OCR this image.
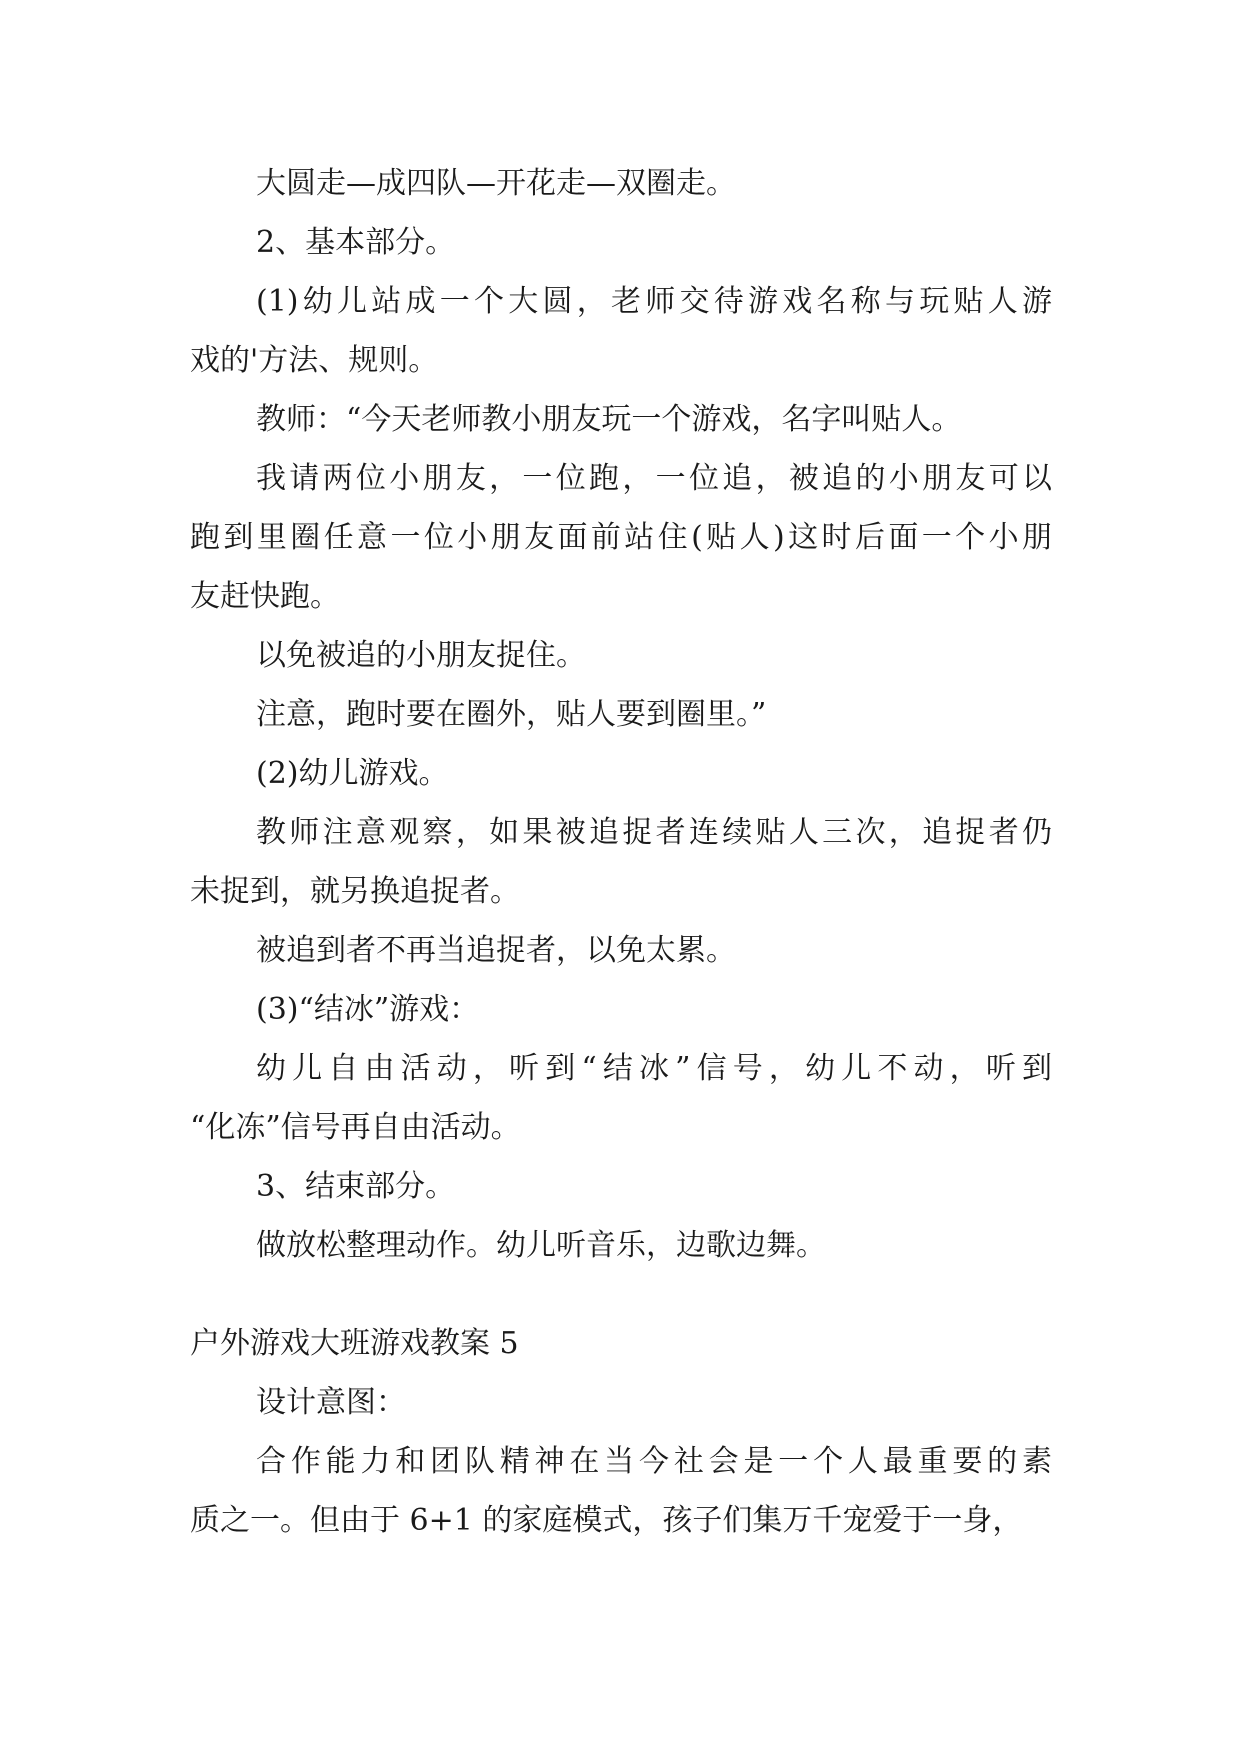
大圆走—成四队—开花走—双圈走。
2、基本部分。
(1)幼儿站成一个大圆，老师交待游戏名称与玩贴人游
戏的'方法、规则。
教师：“今天老师教小朋友玩一个游戏，名字叫贴人。
我请两位小朋友，一位跑，一位追，被追的小朋友可以
跑到里圈任意一位小朋友面前站住(贴人)这时后面一个小朋
友赶快跑。
以免被追的小朋友捉住。
注意，跑时要在圈外，贴人要到圈里。”
(2)幼儿游戏。
教师注意观察，如果被追捉者连续贴人三次，追捉者仍
未捉到，就另换追捉者。
被追到者不再当追捉者，以免太累。
(3)“结冰”游戏：
幼儿自由活动，听到“结冰”信号，幼儿不动，听到
“化冻”信号再自由活动。
3、结束部分。
做放松整理动作。幼儿听音乐，边歌边舞。
户外游戏大班游戏教案 5
设计意图：
合作能力和团队精神在当今社会是一个人最重要的素
质之一。但由于 6+1 的家庭模式，孩子们集万千宠爱于一身，
